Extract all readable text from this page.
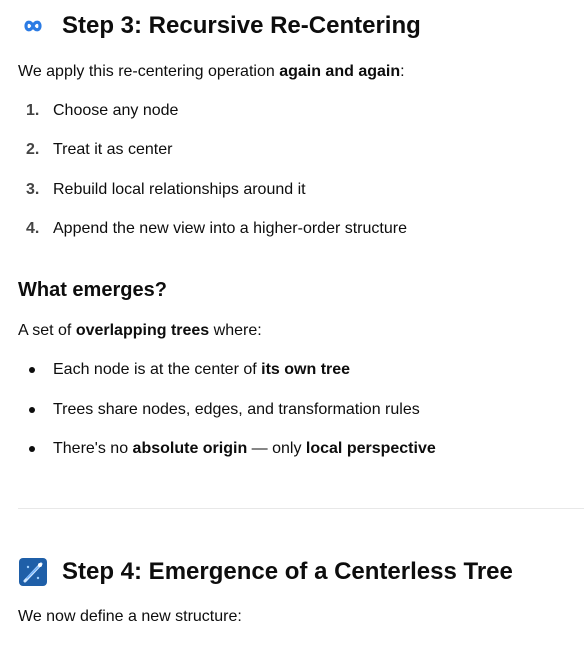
Step 3: Recursive Re-Centering

We apply this re-centering operation again and again:

1. Choose any node
2. Treat it as center
3. Rebuild local relationships around it
4. Append the new view into a higher-order structure
What emerges?

A set of overlapping trees where:

Each node is at the center of its own tree
Trees share nodes, edges, and transformation rules
There's no absolute origin — only local perspective
Step 4: Emergence of a Centerless Tree

We now define a new structure:
